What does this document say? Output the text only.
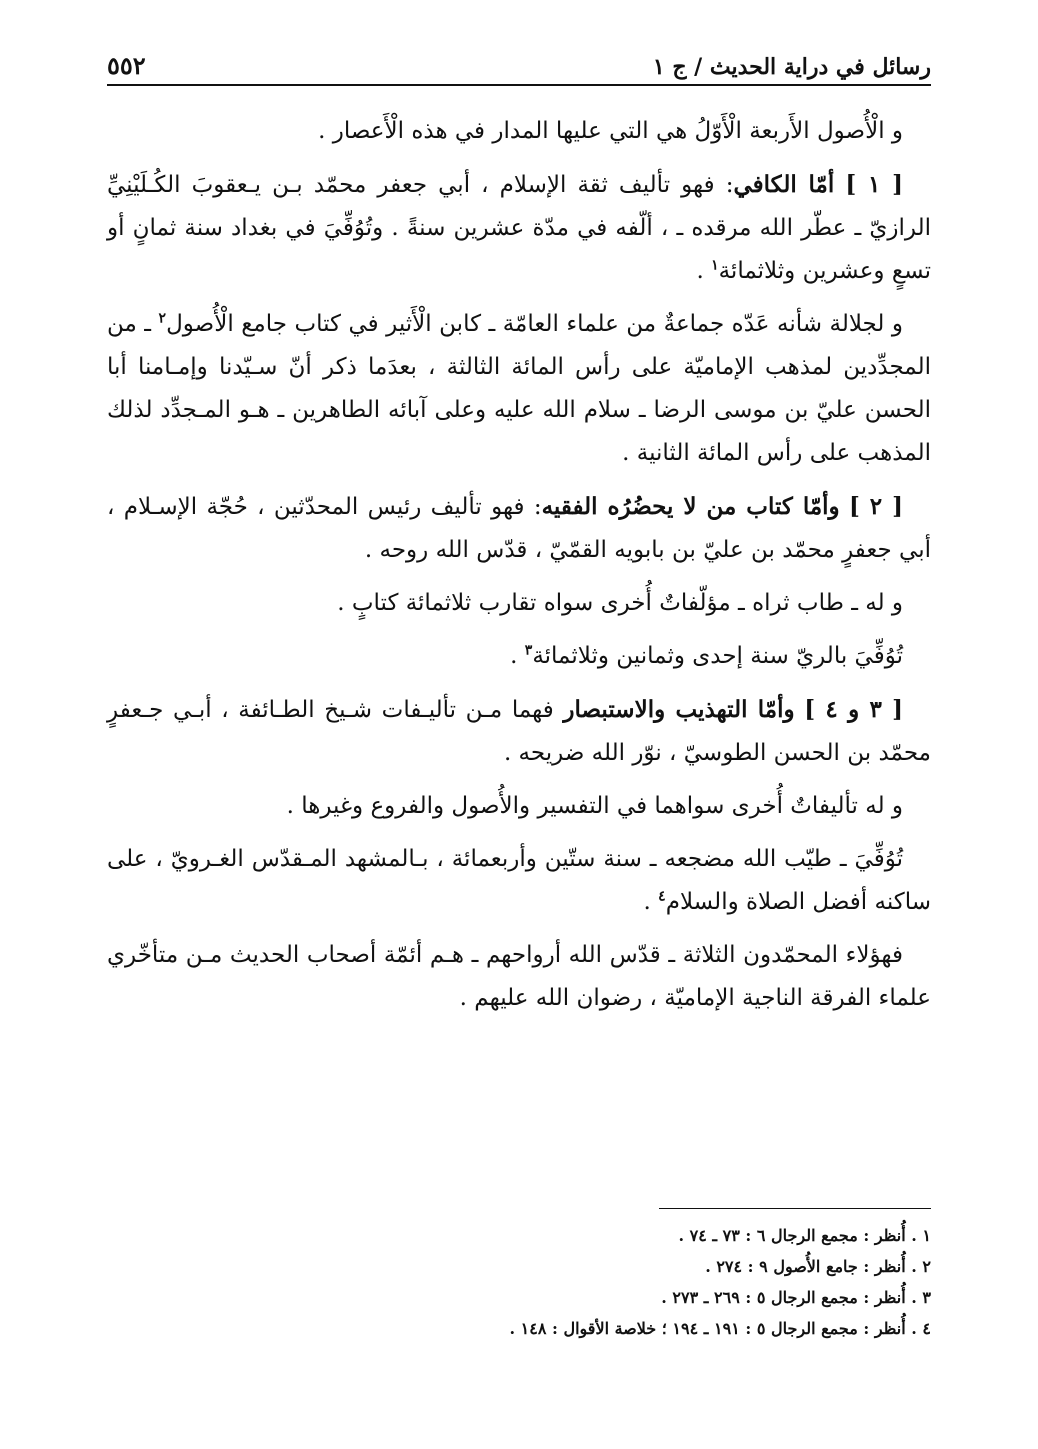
رسائل في دراية الحديث / ج ١
٥٥٢

و الْأُصول الأَربعة الْأَوّلُ هي التي عليها المدار في هذه الْأَعصار .

[ ١ ] أمّا الكافي: فهو تأليف ثقة الإسلام ، أبي جعفر محمّد بـن يـعقوبَ الكُـلَيْنِيِّ الرازيّ ـ عطّر الله مرقده ـ ، ألّفه في مدّة عشرين سنةً . وتُوُفِّيَ في بغداد سنة ثمانٍ أو تسعٍ وعشرين وثلاثمائة$^١$ .

و لجلالة شأنه عَدّه جماعةٌ من علماء العامّة ـ كابن الْأَثير في كتاب جامع الْأُصول$^٢$ ـ من المجدِّدين لمذهب الإماميّة على رأس المائة الثالثة ، بعدَما ذكر أنّ سـيّدنا وإمـامنا أبا الحسن عليّ بن موسى الرضا ـ سلام الله عليه وعلى آبائه الطاهرين ـ هـو المـجدِّد لذلك المذهب على رأس المائة الثانية .

[ ٢ ] وأمّا كتاب من لا يحضُرُه الفقيه: فهو تأليف رئيس المحدّثين ، حُجّة الإسـلام ، أبي جعفرٍ محمّد بن عليّ بن بابويه القمّيّ ، قدّس الله روحه .

و له ـ طاب ثراه ـ مؤلّفاتٌ أُخرى سواه تقارب ثلاثمائة كتابٍ .

تُوُفِّيَ بالريّ سنة إحدى وثمانين وثلاثمائة$^٣$ .

[ ٣ و ٤ ] وأمّا التهذيب والاستبصار فهما مـن تأليـفات شـيخ الطـائفة ، أبـي جـعفرٍ محمّد بن الحسن الطوسيّ ، نوّر الله ضريحه .

و له تأليفاتٌ أُخرى سواهما في التفسير والأُصول والفروع وغيرها .

تُوُفِّيَ ـ طيّب الله مضجعه ـ سنة ستّين وأربعمائة ، بـالمشهد المـقدّس الغـرويّ ، على ساكنه أفضل الصلاة والسلام$^٤$ .

فهؤلاء المحمّدون الثلاثة ـ قدّس الله أرواحهم ـ هـم أئمّة أصحاب الحديث مـن متأخّري علماء الفرقة الناجية الإماميّة ، رضوان الله عليهم .

١ . أُنظر : مجمع الرجال ٦ : ٧٣ ـ ٧٤ .
٢ . أُنظر : جامع الأُصول ٩ : ٢٧٤ .
٣ . أُنظر : مجمع الرجال ٥ : ٢٦٩ ـ ٢٧٣ .
٤ . أُنظر : مجمع الرجال ٥ : ١٩١ ـ ١٩٤ ؛ خلاصة الأقوال : ١٤٨ .
